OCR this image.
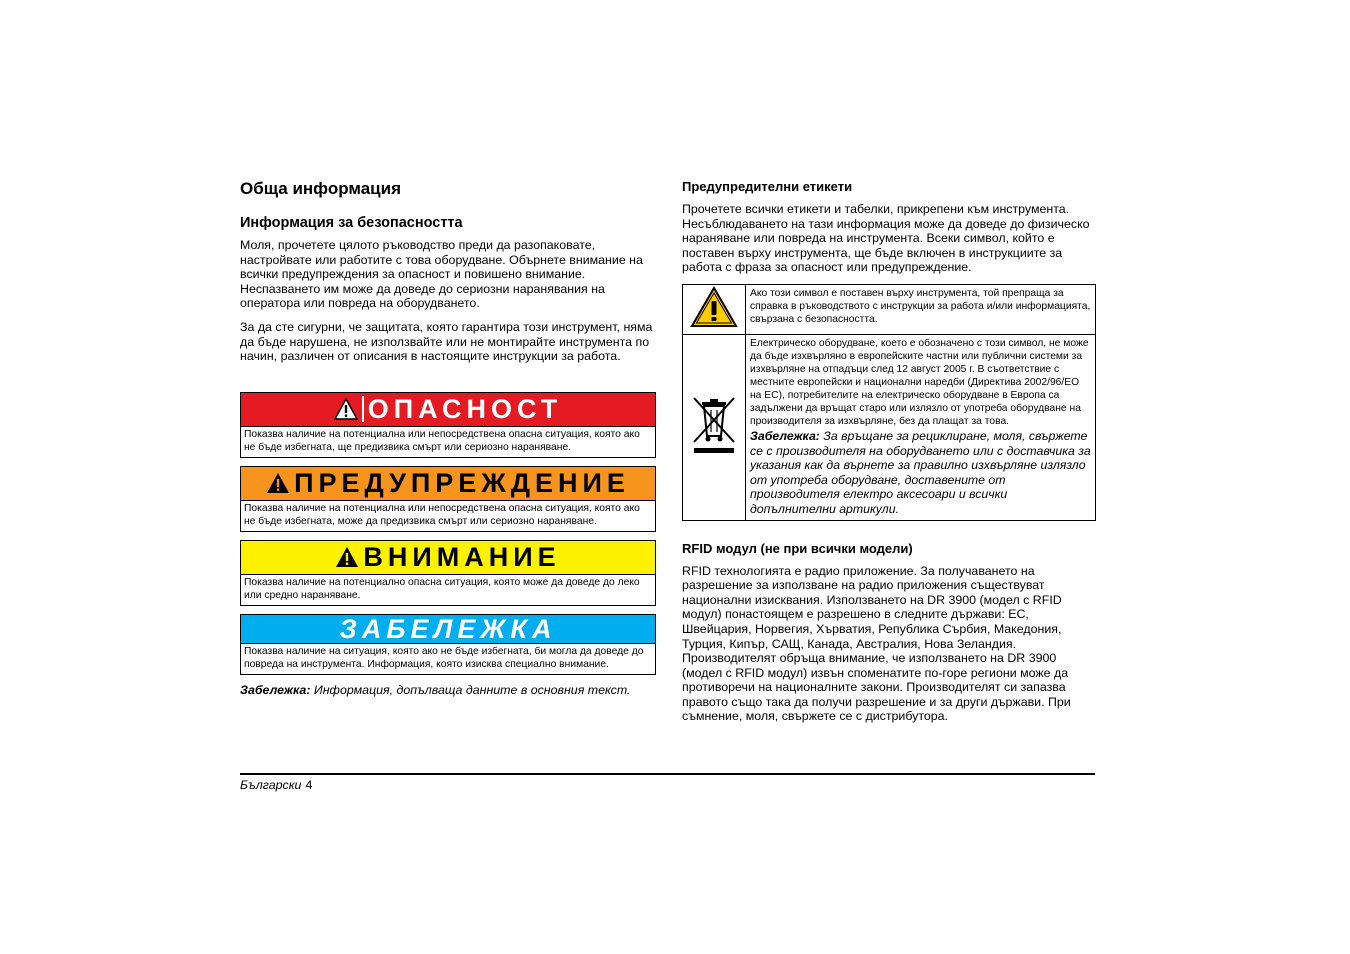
Обща информация
Информация за безопасността

Моля, прочетете цялото ръководство преди да разопаковате, настройвате или работите с това оборудване. Обърнете внимание на всички предупреждения за опасност и повишено внимание. Неспазването им може да доведе до сериозни наранявания на оператора или повреда на оборудването.

За да сте сигурни, че защитата, която гарантира този инструмент, няма да бъде нарушена, не използвайте или не монтирайте инструмента по начин, различен от описания в настоящите инструкции за работа.

ОПАСНОСТ
Показва наличие на потенциална или непосредствена опасна ситуация, която ако не бъде избегната, ще предизвика смърт или сериозно нараняване.
ПРЕДУПРЕЖДЕНИЕ
Показва наличие на потенциална или непосредствена опасна ситуация, която ако не бъде избегната, може да предизвика смърт или сериозно нараняване.
ВНИМАНИЕ
Показва наличие на потенциално опасна ситуация, която може да доведе до леко или средно нараняване.
ЗАБЕЛЕЖКА
Показва наличие на ситуация, която ако не бъде избегната, би могла да доведе до повреда на инструмента. Информация, която изисква специално внимание.
Забележка: Информация, допълваща данните в основния текст.
Предупредителни етикети

Прочетете всички етикети и табелки, прикрепени към инструмента. Несъблюдаването на тази информация може да доведе до физическо нараняване или повреда на инструмента. Всеки символ, който е поставен върху инструмента, ще бъде включен в инструкциите за работа с фраза за опасност или предупреждение.

	Ако този символ е поставен върху инструмента, той препраща за справка в ръководството с инструкции за работа и/или информацията, свързана с безопасността.

Електрическо оборудване, което е обозначено с този символ, не може да бъде изхвърляно в европейските частни или публични системи за изхвърляне на отпадъци след 12 август 2005 г. В съответствие с местните европейски и национални наредби (Директива 2002/96/ЕО на ЕС), потребителите на електрическо оборудване в Европа са задължени да връщат старо или излязло от употреба оборудване на производителя за изхвърляне, без да плащат за това.
Забележка: За връщане за рециклиране, моля, свържете се с производителя на оборудването или с доставчика за указания как да върнете за правилно изхвърляне излязло от употреба оборудване, доставените от производителя електро аксесоари и всички допълнителни артикули.
RFID модул (не при всички модели)

RFID технологията е радио приложение. За получаването на разрешение за използване на радио приложения съществуват национални изисквания. Използването на DR 3900 (модел с RFID модул) понастоящем е разрешено в следните държави: ЕС, Швейцария, Норвегия, Хърватия, Република Сърбия, Македония, Турция, Кипър, САЩ, Канада, Австралия, Нова Зеландия. Производителят обръща внимание, че използването на DR 3900 (модел с RFID модул) извън споменатите по-горе региони може да противоречи на националните закони. Производителят си запазва правото също така да получи разрешение и за други държави. При съмнение, моля, свържете се с дистрибутора.

Български 4
